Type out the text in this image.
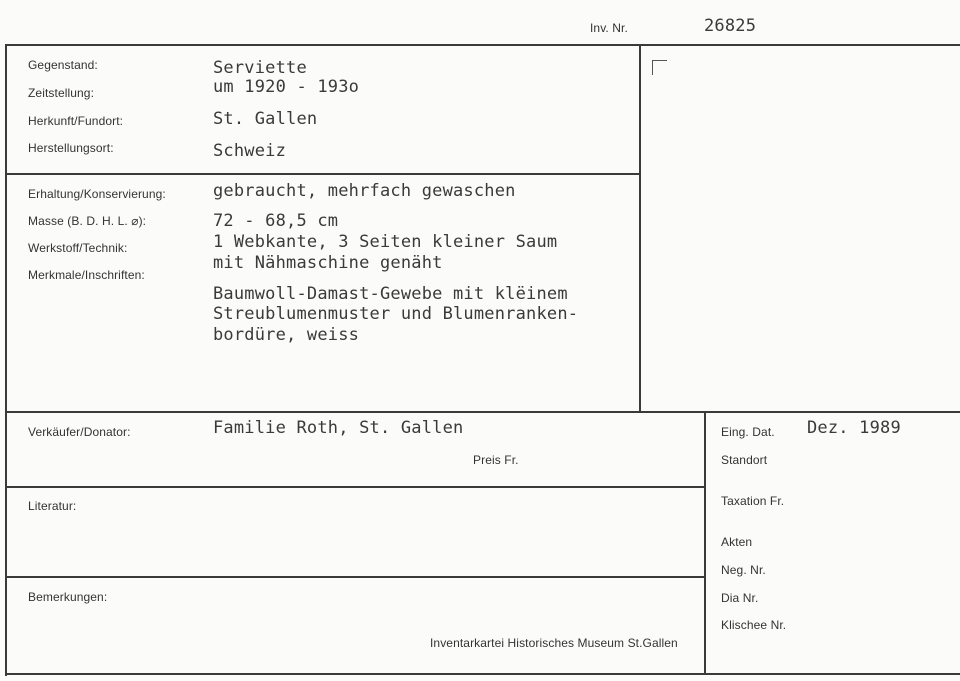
Inv. Nr.	26825
Gegenstand:
Zeitstellung:
Herkunft/Fundort:
Herstellungsort:
Serviette
um 1920 - 193o
St. Gallen
Schweiz
Erhaltung/Konservierung:
Masse (B. D. H. L. ⌀):
Werkstoff/Technik:
Merkmale/Inschriften:
gebraucht, mehrfach gewaschen
72 - 68,5 cm
1 Webkante, 3 Seiten kleiner Saum
mit Nähmaschine genäht
Baumwoll-Damast-Gewebe mit klëinem
Streublumenmuster und Blumenranken-
bordüre, weiss
Verkäufer/Donator:	Familie Roth, St. Gallen
Preis Fr.
Literatur:
Bemerkungen:
Inventarkartei Historisches Museum St.Gallen
Eing. Dat. Dez. 1989
Standort
Taxation Fr.
Akten
Neg. Nr.
Dia Nr.
Klischee Nr.
